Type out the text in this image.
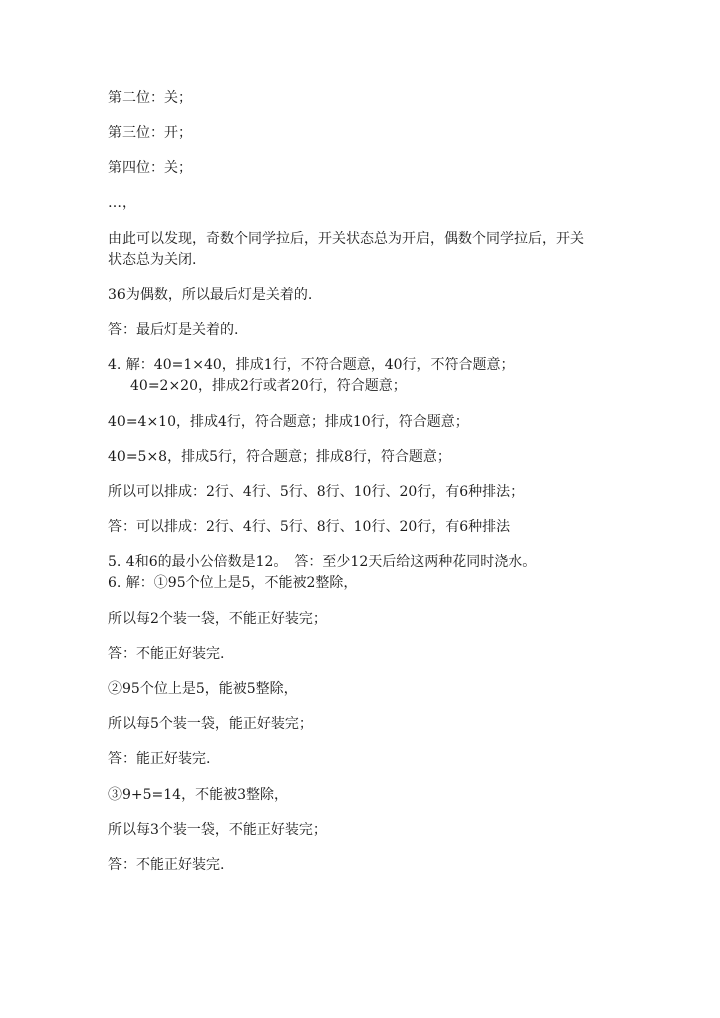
第二位：关；
第三位：开；
第四位：关；
…，
由此可以发现，奇数个同学拉后，开关状态总为开启，偶数个同学拉后，开关
状态总为关闭.
36为偶数，所以最后灯是关着的.
答：最后灯是关着的.
4. 解：40=1×40，排成1行，不符合题意，40行，不符合题意；
40=2×20，排成2行或者20行，符合题意；
40=4×10，排成4行，符合题意；排成10行，符合题意；
40=5×8，排成5行，符合题意；排成8行，符合题意；
所以可以排成：2行、4行、5行、8行、10行、20行，有6种排法；
答：可以排成：2行、4行、5行、8行、10行、20行，有6种排法
5. 4和6的最小公倍数是12。　答：至少12天后给这两种花同时浇水。
6. 解：①95个位上是5，不能被2整除，
所以每2个装一袋，不能正好装完；
答：不能正好装完.
②95个位上是5，能被5整除，
所以每5个装一袋，能正好装完；
答：能正好装完.
③9+5=14，不能被3整除，
所以每3个装一袋，不能正好装完；
答：不能正好装完.
